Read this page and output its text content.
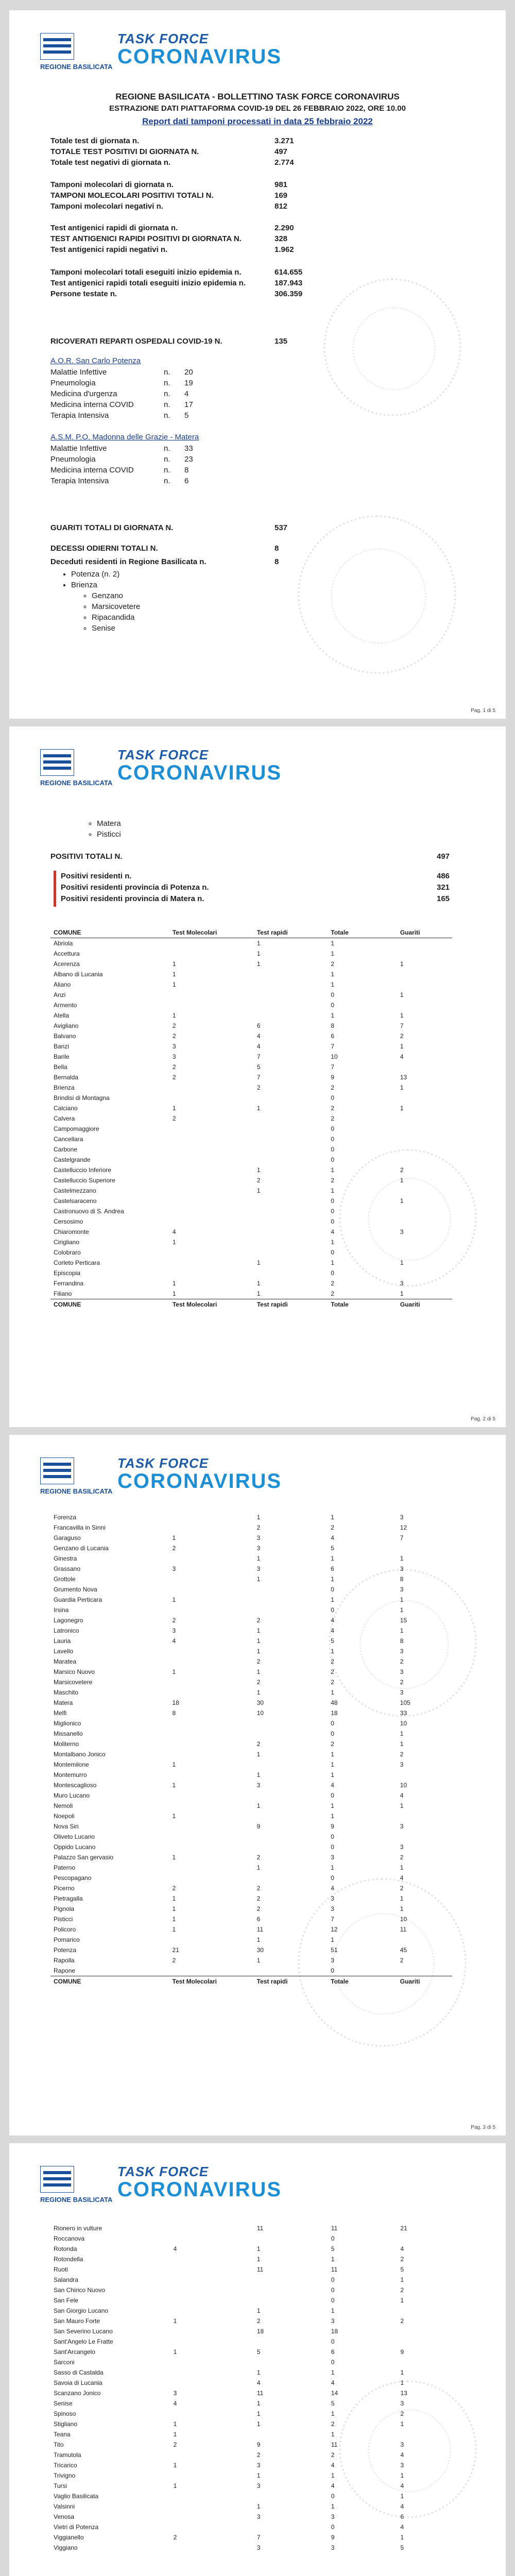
REGIONE BASILICATA
TASK FORCE
CORONAVIRUS
REGIONE BASILICATA - BOLLETTINO TASK FORCE CORONAVIRUS
ESTRAZIONE DATI PIATTAFORMA COVID-19 DEL 26 FEBBRAIO 2022, ORE 10.00
Report dati tamponi processati in data 25 febbraio 2022
Totale test di giornata n.	3.271
TOTALE TEST POSITIVI DI GIORNATA N.	497
Totale test negativi di giornata n.	2.774
Tamponi molecolari di giornata n.	981
TAMPONI MOLECOLARI POSITIVI TOTALI N.	169
Tamponi molecolari negativi n.	812
Test antigenici rapidi di giornata n.	2.290
TEST ANTIGENICI RAPIDI POSITIVI DI GIORNATA N.	328
Test antigenici rapidi negativi n.	1.962
Tamponi molecolari totali eseguiti inizio epidemia n.	614.655
Test antigenici rapidi totali eseguiti inizio epidemia n.	187.943
Persone testate n.	306.359
RICOVERATI REPARTI OSPEDALI COVID-19 N.	135
A.O.R. San Carlo Potenza
Malattie Infettive	n. 20
Pneumologia	n. 19
Medicina d'urgenza	n. 4
Medicina interna COVID	n. 17
Terapia Intensiva	n. 5
A.S.M. P.O. Madonna delle Grazie - Matera
Malattie Infettive	n. 33
Pneumologia	n. 23
Medicina interna COVID	n. 8
Terapia Intensiva	n. 6
GUARITI TOTALI DI GIORNATA N.	537
DECESSI ODIERNI TOTALI N.	8
Deceduti residenti in Regione Basilicata n.	8
• Potenza (n. 2)
• Brienza
◦ Genzano
◦ Marsicovetere
◦ Ripacandida
◦ Senise
Pag. 1 di 5
REGIONE BASILICATA
TASK FORCE
CORONAVIRUS
◦ Matera
◦ Pisticci
POSITIVI TOTALI N.	497
Positivi residenti n.	486
Positivi residenti provincia di Potenza n.	321
Positivi residenti provincia di Matera n.	165
COMUNE	Test Molecolari	Test rapidi	Totale	Guariti
Abriola		1	1	
Accettura		1	1	
Acerenza	1	1	2	1
Albano di Lucania	1		1	
Aliano	1		1	
Anzi			0	1
Armento			0	
Atella	1		1	1
Avigliano	2	6	8	7
Balvano	2	4	6	2
Banzi	3	4	7	1
Barile	3	7	10	4
Bella	2	5	7	
Bernalda	2	7	9	13
Brienza		2	2	1
Brindisi di Montagna			0	
Calciano	1	1	2	1
Calvera	2		2	
Campomaggiore			0	
Cancellara			0	
Carbone			0	
Castelgrande			0	
Castelluccio Inferiore		1	1	2
Castelluccio Superiore		2	2	1
Castelmezzano		1	1	
Castelsaraceno			0	1
Castronuovo di S. Andrea			0	
Cersosimo			0	
Chiaromonte	4		4	3
Cirigliano	1		1	
Colobraro			0	
Corleto Perticara		1	1	1
Episcopia			0	
Ferrandina	1	1	2	3
Filiano	1	1	2	1
COMUNE	Test Molecolari	Test rapidi	Totale	Guariti
Pag. 2 di 5
REGIONE BASILICATA
TASK FORCE
CORONAVIRUS
Forenza		1	1	3
Francavilla in Sinni		2	2	12
Garaguso	1	3	4	7
Genzano di Lucania	2	3	5	
Ginestra		1	1	1
Grassano	3	3	6	3
Grottole		1	1	8
Grumento Nova			0	3
Guardia Perticara	1		1	1
Irsina			0	1
Lagonegro	2	2	4	15
Latronico	3	1	4	1
Lauria	4	1	5	8
Lavello		1	1	3
Maratea		2	2	2
Marsico Nuovo	1	1	2	3
Marsicovetere		2	2	2
Maschito		1	1	3
Matera	18	30	48	105
Melfi	8	10	18	33
Miglionico			0	10
Missanello			0	1
Moliterno		2	2	1
Montalbano Jonico		1	1	2
Montemilone	1		1	3
Montemurro		1	1	
Montescaglioso	1	3	4	10
Muro Lucano			0	4
Nemoli		1	1	1
Noepoli	1		1	
Nova Siri		9	9	3
Oliveto Lucano			0	
Oppido Lucano			0	3
Palazzo San gervasio	1	2	3	2
Paterno		1	1	1
Pescopagano			0	4
Picerno	2	2	4	2
Pietragalla	1	2	3	1
Pignola	1	2	3	1
Pisticci	1	6	7	10
Policoro	1	11	12	11
Pomarico		1	1	
Potenza	21	30	51	45
Rapolla	2	1	3	2
Rapone			0	
COMUNE	Test Molecolari	Test rapidi	Totale	Guariti
Pag. 3 di 5
REGIONE BASILICATA
TASK FORCE
CORONAVIRUS
Rionero in vulture		11	11	21
Roccanova			0	
Rotonda	4	1	5	4
Rotondella		1	1	2
Ruoti		11	11	5
Salandra			0	1
San Chirico Nuovo			0	2
San Fele			0	1
San Giorgio Lucano		1	1	
San Mauro Forte	1	2	3	2
San Severino Lucano		18	18	
Sant'Angelo Le Fratte			0	
Sant'Arcangelo	1	5	6	9
Sarconi			0	
Sasso di Castalda		1	1	1
Savoia di Lucania		4	4	1
Scanzano Jonico	3	11	14	13
Senise	4	1	5	3
Spinoso		1	1	2
Stigliano	1	1	2	1
Teana	1		1	
Tito	2	9	11	3
Tramutola		2	2	4
Tricarico	1	3	4	3
Trivigno		1	1	1
Tursi	1	3	4	4
Vaglio Basilicata			0	1
Valsinni		1	1	4
Venosa		3	3	6
Vietri di Potenza			0	4
Viggianello	2	7	9	1
Viggiano		3	3	5
